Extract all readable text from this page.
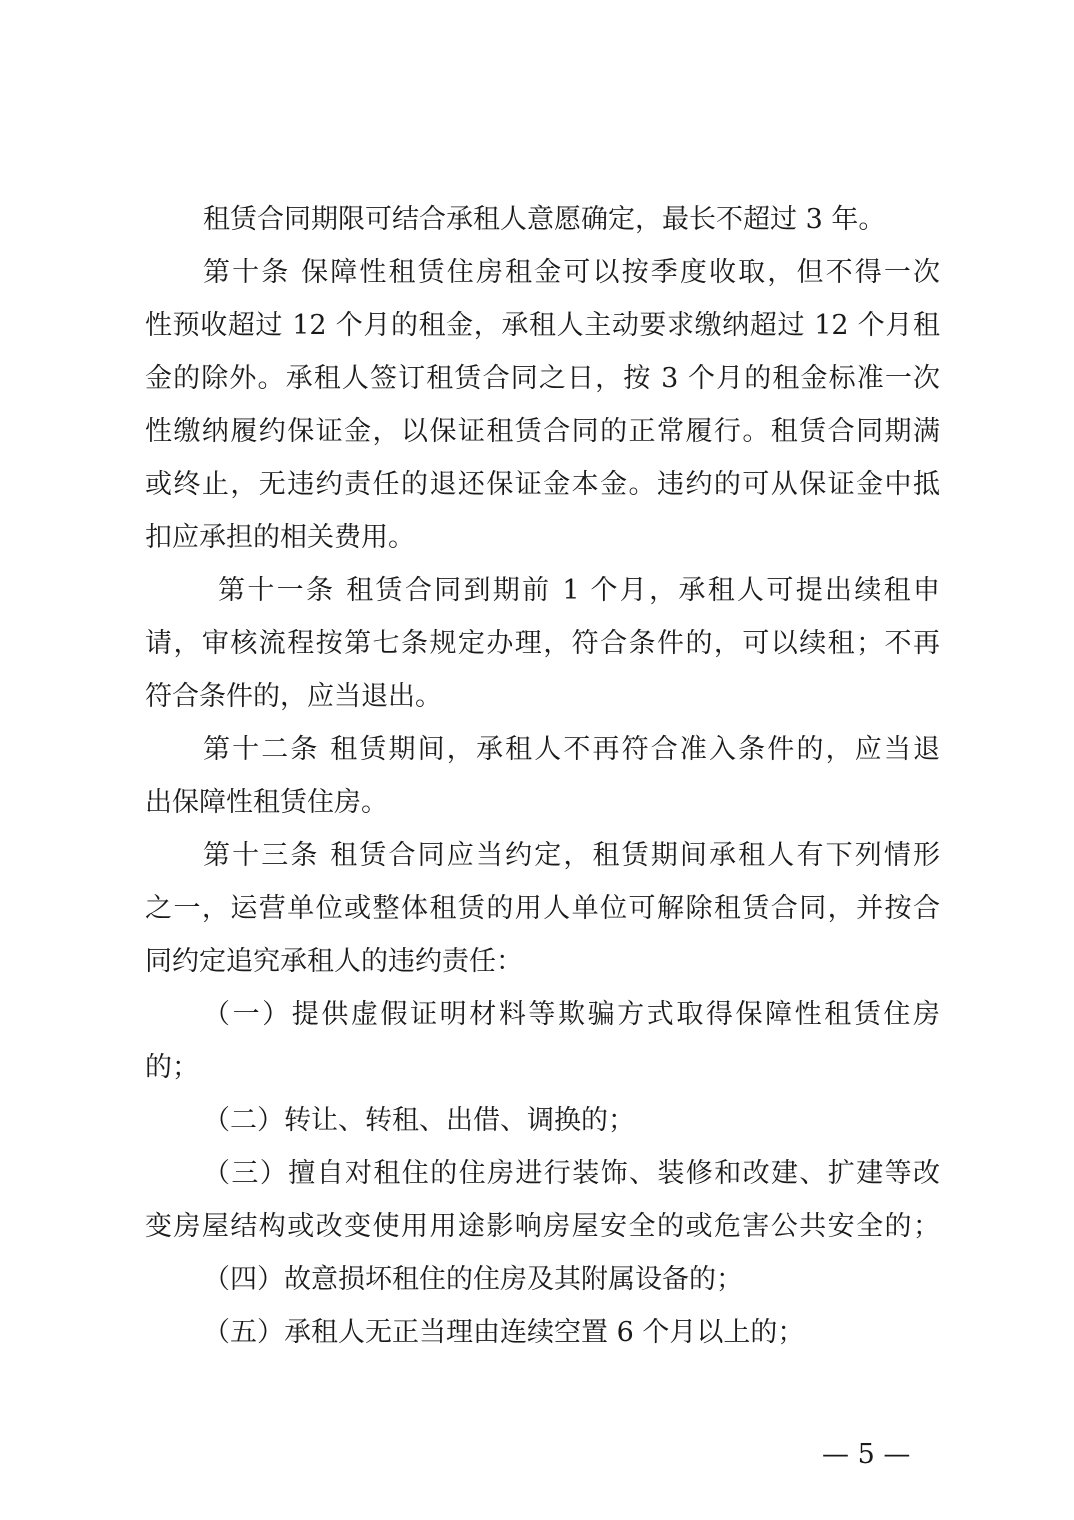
租赁合同期限可结合承租人意愿确定，最长不超过 3 年。
第十条 保障性租赁住房租金可以按季度收取，但不得一次
性预收超过 12 个月的租金，承租人主动要求缴纳超过 12 个月租
金的除外。承租人签订租赁合同之日，按 3 个月的租金标准一次
性缴纳履约保证金，以保证租赁合同的正常履行。租赁合同期满
或终止，无违约责任的退还保证金本金。违约的可从保证金中抵
扣应承担的相关费用。
第十一条 租赁合同到期前 1 个月，承租人可提出续租申
请，审核流程按第七条规定办理，符合条件的，可以续租；不再
符合条件的，应当退出。
第十二条 租赁期间，承租人不再符合准入条件的，应当退
出保障性租赁住房。
第十三条 租赁合同应当约定，租赁期间承租人有下列情形
之一，运营单位或整体租赁的用人单位可解除租赁合同，并按合
同约定追究承租人的违约责任：
（一）提供虚假证明材料等欺骗方式取得保障性租赁住房
的；
（二）转让、转租、出借、调换的；
（三）擅自对租住的住房进行装饰、装修和改建、扩建等改
变房屋结构或改变使用用途影响房屋安全的或危害公共安全的；
（四）故意损坏租住的住房及其附属设备的；
（五）承租人无正当理由连续空置 6 个月以上的；
— 5 —
